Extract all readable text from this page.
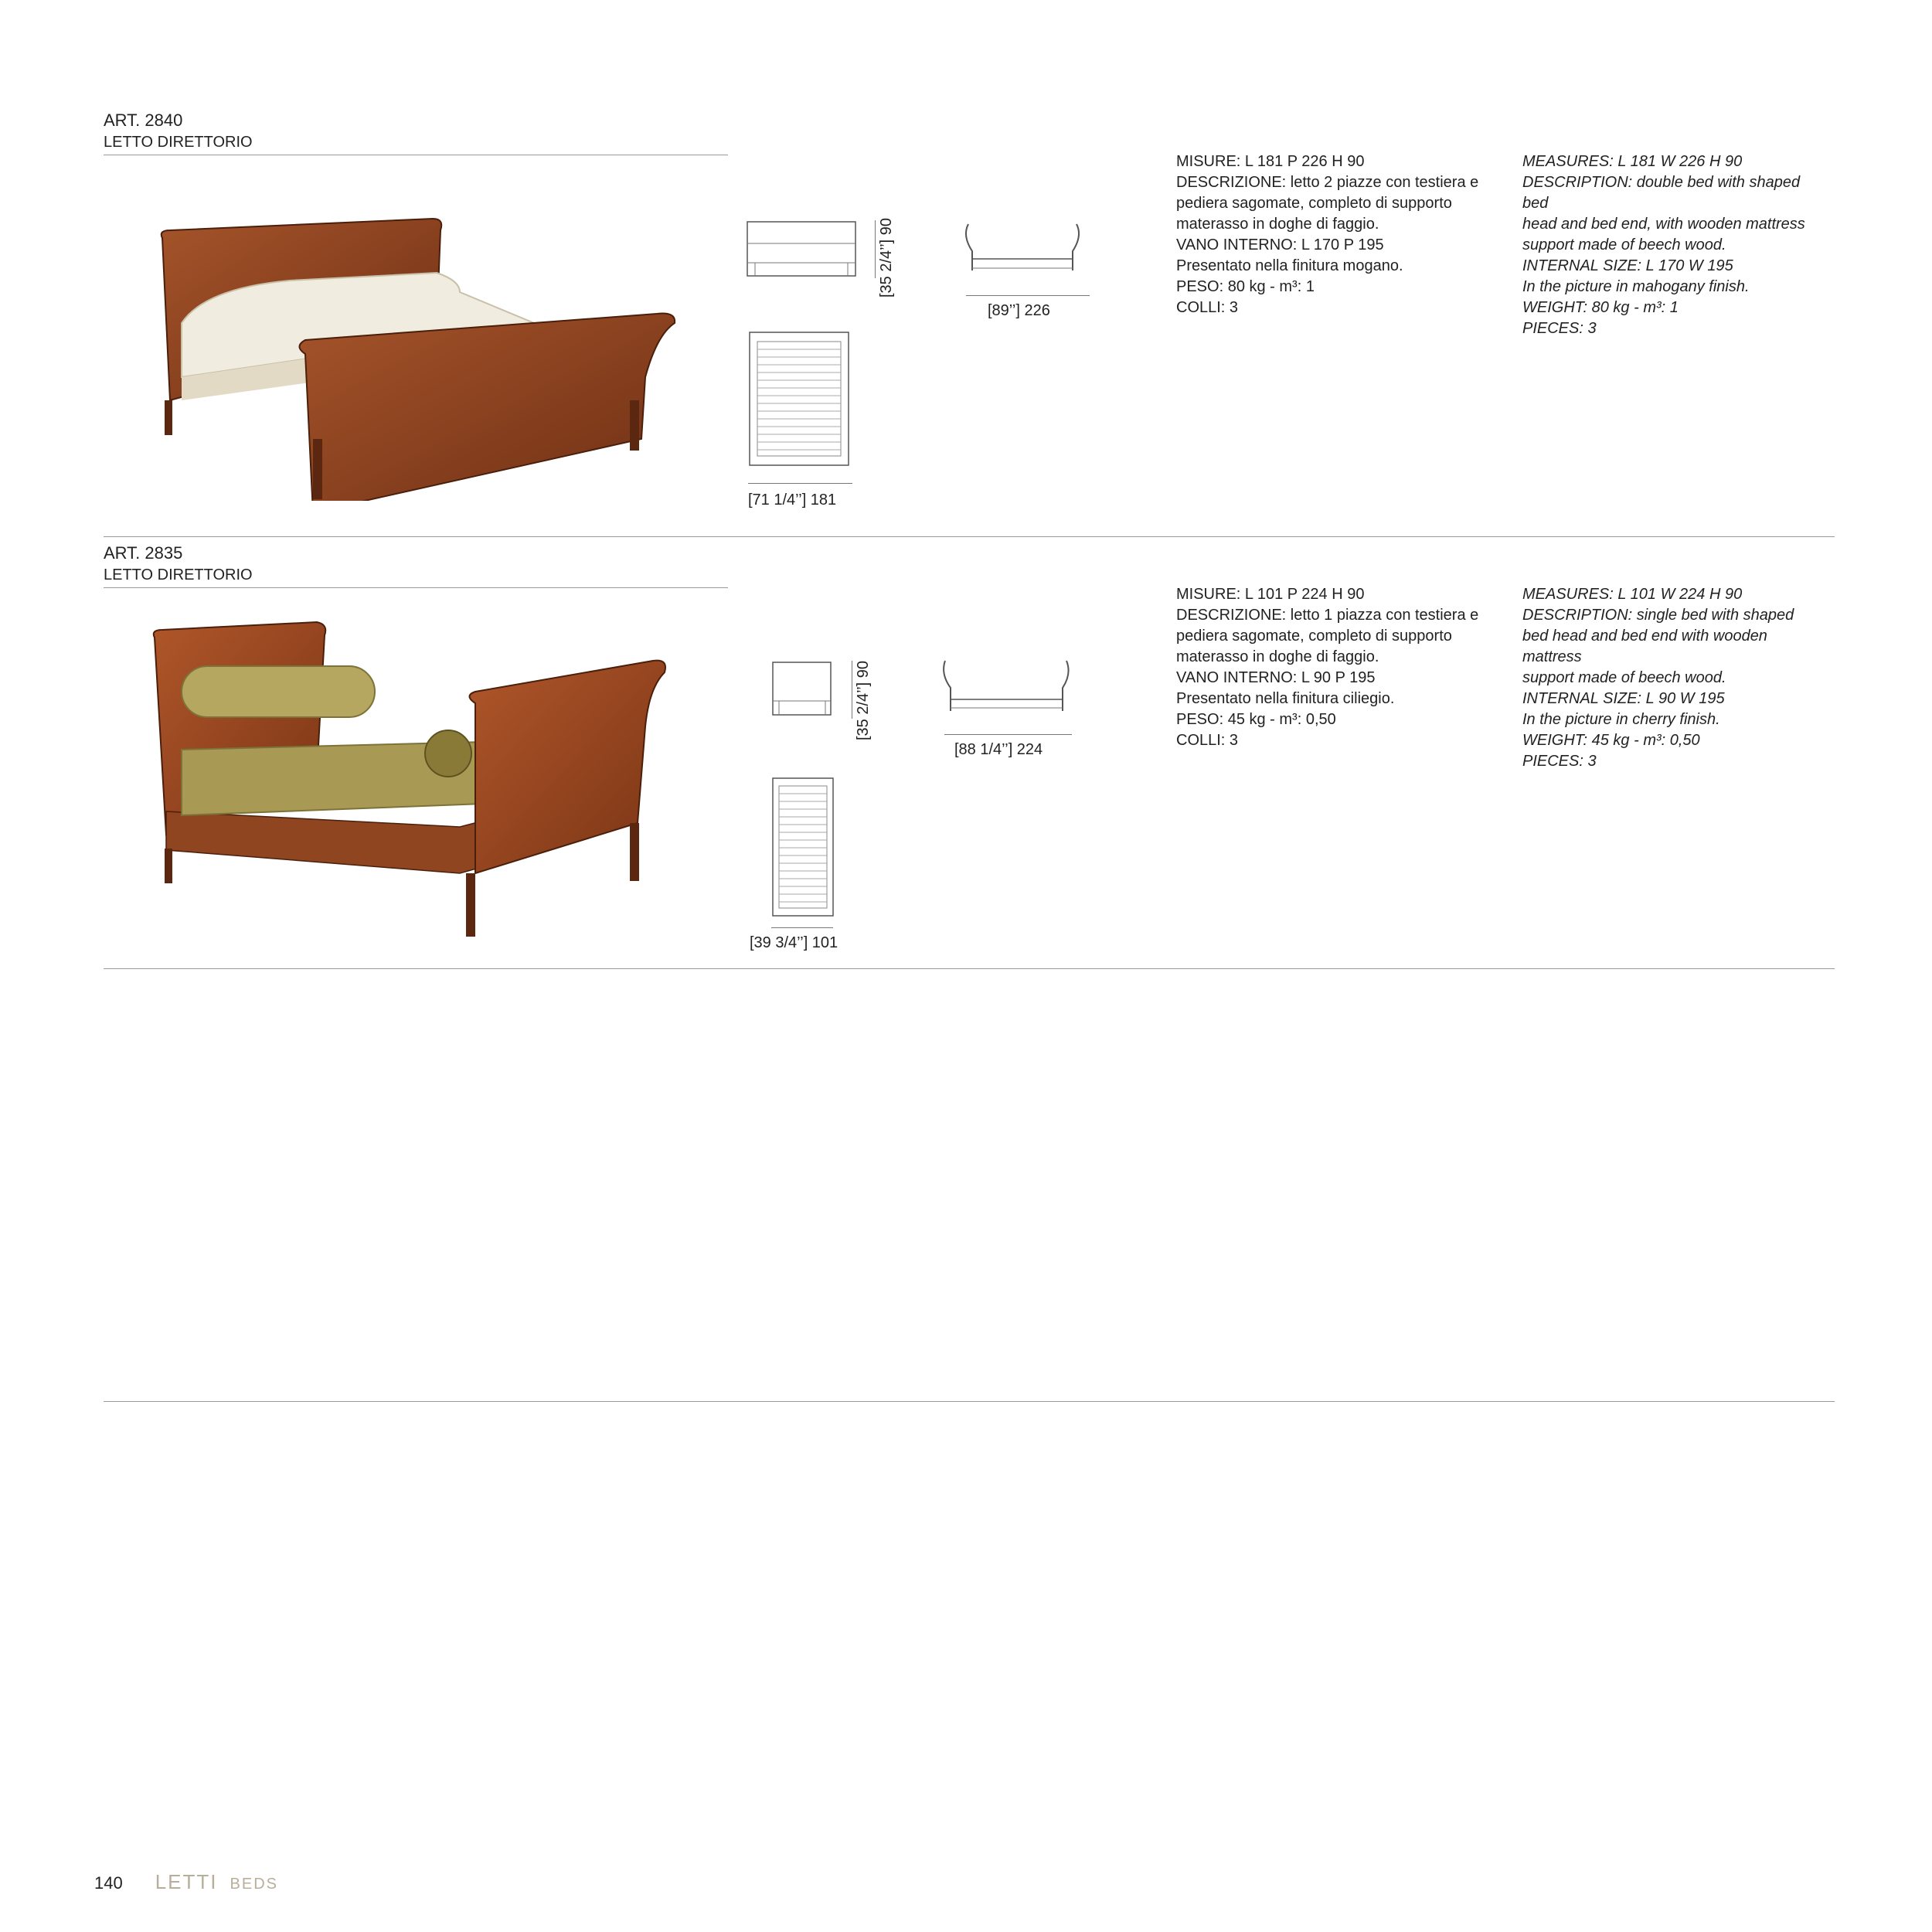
ART. 2840
LETTO DIRETTORIO
[35 2/4’’] 90
[89’’] 226
[71 1/4’’] 181
MISURE: L 181 P 226 H 90
DESCRIZIONE: letto 2 piazze con testiera e
pediera sagomate, completo di supporto
materasso in doghe di faggio.
VANO INTERNO: L 170 P 195
Presentato nella finitura mogano.
PESO: 80 kg - m³: 1
COLLI: 3
MEASURES: L 181 W 226 H 90
DESCRIPTION: double bed with shaped
bed
head and bed end, with wooden mattress
support made of beech wood.
INTERNAL SIZE: L 170 W 195
In the picture in mahogany finish.
WEIGHT: 80 kg - m³: 1
PIECES: 3
ART. 2835
LETTO DIRETTORIO
[35 2/4’’] 90
[88 1/4’’] 224
[39 3/4’’] 101
MISURE: L 101 P 224 H 90
DESCRIZIONE: letto 1 piazza con testiera e
pediera sagomate, completo di supporto
materasso in doghe di faggio.
VANO INTERNO: L 90 P 195
Presentato nella finitura ciliegio.
PESO: 45 kg - m³: 0,50
COLLI: 3
MEASURES: L 101 W 224 H 90
DESCRIPTION: single bed with shaped
bed head and bed end with wooden
mattress
support made of beech wood.
INTERNAL SIZE: L 90 W 195
In the picture in cherry finish.
WEIGHT: 45 kg - m³: 0,50
PIECES: 3
140 LETTI BEDS
